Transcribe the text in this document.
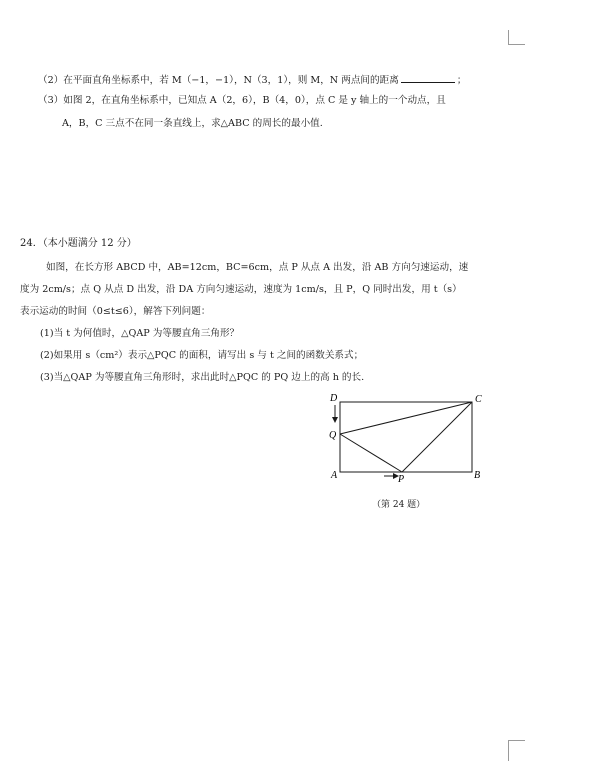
（2）在平面直角坐标系中，若 M（−1，−1），N（3，1），则 M，N 两点间的距离	；
（3）如图 2，在直角坐标系中，已知点 A（2，6），B（4，0），点 C 是 y 轴上的一个动点，且
A，B，C 三点不在同一条直线上，求△ABC 的周长的最小值.
24．（本小题满分 12 分）
如图，在长方形 ABCD 中，AB=12cm，BC=6cm，点 P 从点 A 出发，沿 AB 方向匀速运动，速
度为 2cm/s；点 Q 从点 D 出发，沿 DA 方向匀速运动，速度为 1cm/s，且 P，Q 同时出发，用 t（s）
表示运动的时间（0≤t≤6），解答下列问题：
(1)当 t 为何值时，△QAP 为等腰直角三角形？
(2)如果用 s（cm²）表示△PQC 的面积，请写出 s 与 t 之间的函数关系式；
(3)当△QAP 为等腰直角三角形时，求出此时△PQC 的 PQ 边上的高 h 的长.
D	C
Q
A	P	B
（第 24 题）
